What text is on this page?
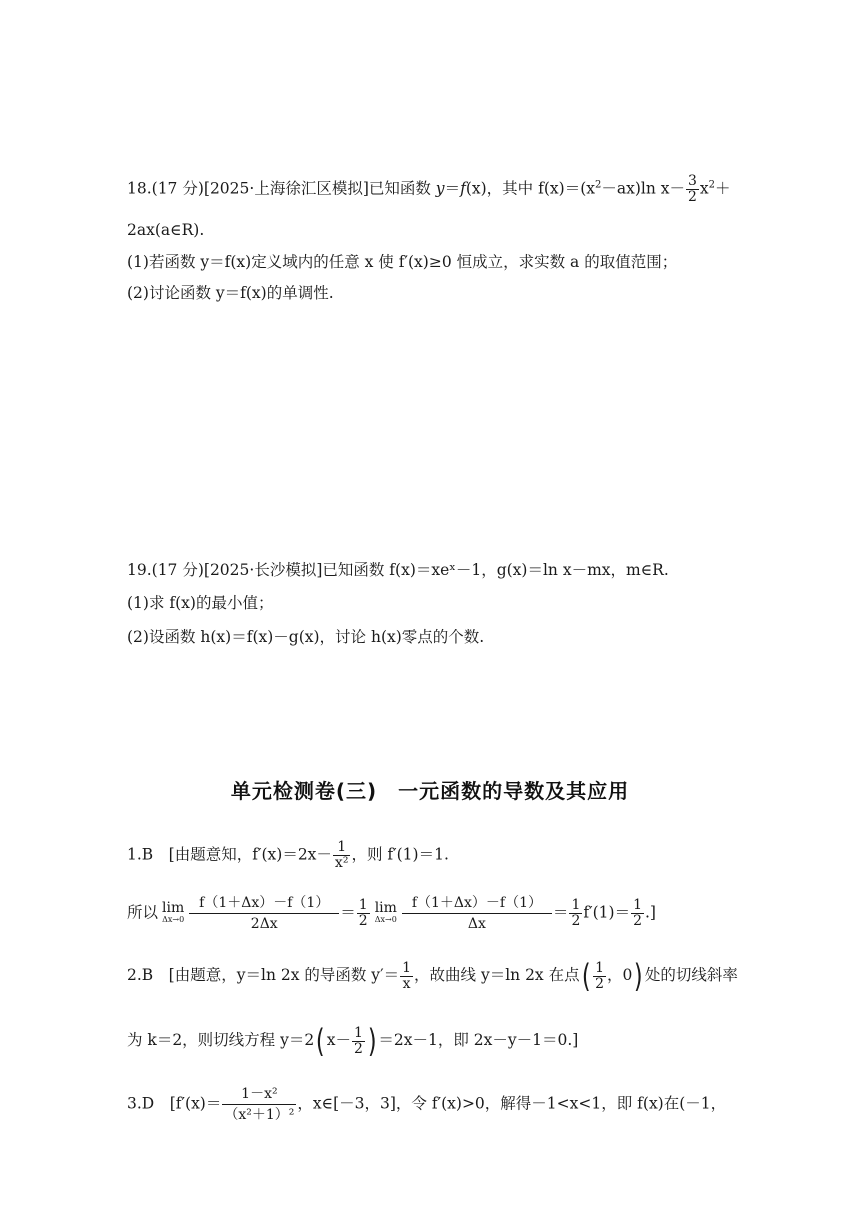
18.(17 分)[2025·上海徐汇区模拟]已知函数 y＝f(x)，其中 $f(x)=(x^2-ax)\ln$ $x- \frac{3}{2} x^2+$
2ax(a∈R).
(1)若函数 y＝f(x)定义域内的任意 x 使 f′(x)≥0 恒成立，求实数 a 的取值范围；
(2)讨论函数 y＝f(x)的单调性.
19.(17 分)[2025·长沙模拟]已知函数 f(x)＝xeˣ－1，g(x)＝ln x－mx，m∈R.
(1)求 f(x)的最小值；
(2)设函数 h(x)＝f(x)－g(x)，讨论 h(x)零点的个数.
单元检测卷(三)　一元函数的导数及其应用
1.B　[由题意知，$f'(x)=2x- \frac{1}{\text{x²}}$ ，则 f′(1)＝1.
所以 lim
$\Delta x\to 0 \frac{f(1+\Delta x)-f(1)}{2\Delta x} = \frac{1}{2}$ lim
$\Delta x\to 0 \frac{f(1+\Delta x)-f(1)}{\Delta x} = \frac{1}{2} f'(1)= \frac{1}{2}$ .]
2.B　[由题意，y＝ln 2x 的导函数 $y'= \frac{1}{x}$ ，故曲线 y＝ln 2x 在点( $\frac{1}{2}$ ，0) 处的切线斜率
为 k＝2，则切线方程 y＝2( $x- \frac{1}{2}$ ) ＝2x－1，即 2x－y－1＝0.]
3.D　[$f'(x)= \frac{\text{1－x²}}{\text{（x²＋1）²}}$ ，x∈[－3，3]，令 f′(x)>0，解得－1<x<1，即 f(x)在(－1，
